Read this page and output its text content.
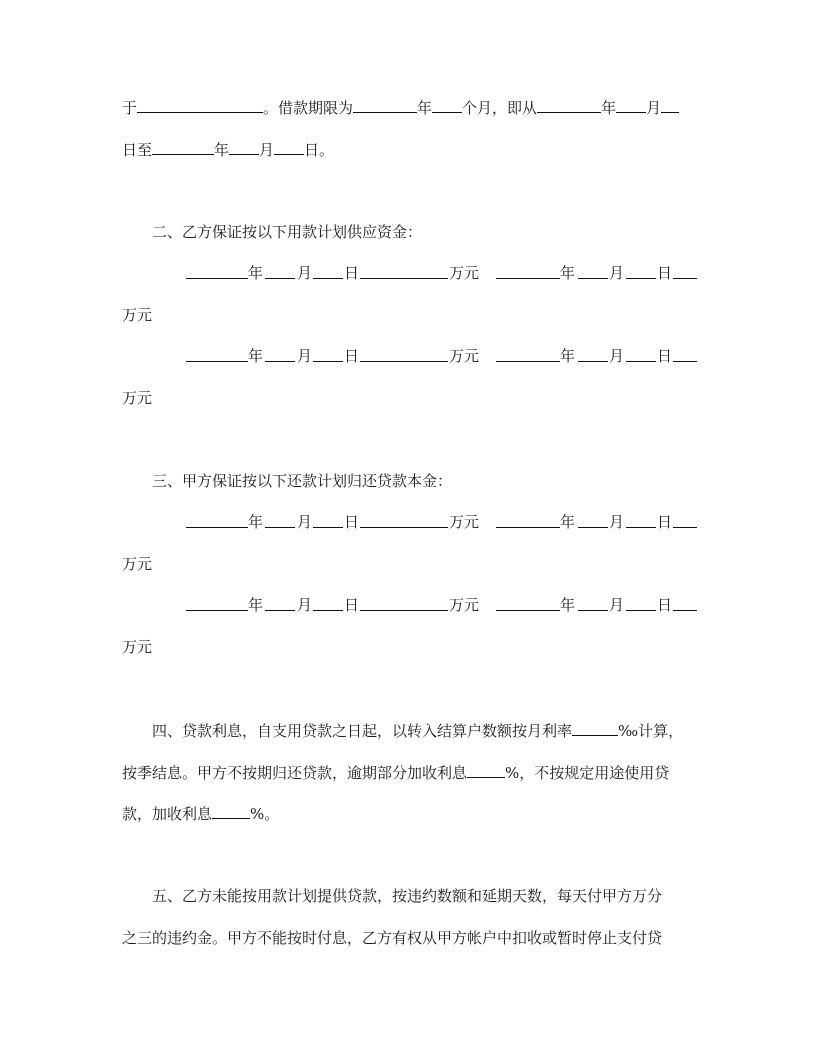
于	。借款期限为	年 个月，即从	年 月
日至	年 月 日。
二、乙方保证按以下用款计划供应资金：
年 月 日	万元	年 月 日
万元
年 月 日	万元	年 月 日
万元
三、甲方保证按以下还款计划归还贷款本金：
年 月 日	万元	年 月 日
万元
年 月 日	万元	年 月 日
万元
四、贷款利息，自支用贷款之日起，以转入结算户数额按月利率	‰计算，
按季结息。甲方不按期归还贷款，逾期部分加收利息	%，不按规定用途使用贷
款，加收利息	%。
五、乙方未能按用款计划提供贷款，按违约数额和延期天数，每天付甲方万分
之三的违约金。甲方不能按时付息，乙方有权从甲方帐户中扣收或暂时停止支付贷
